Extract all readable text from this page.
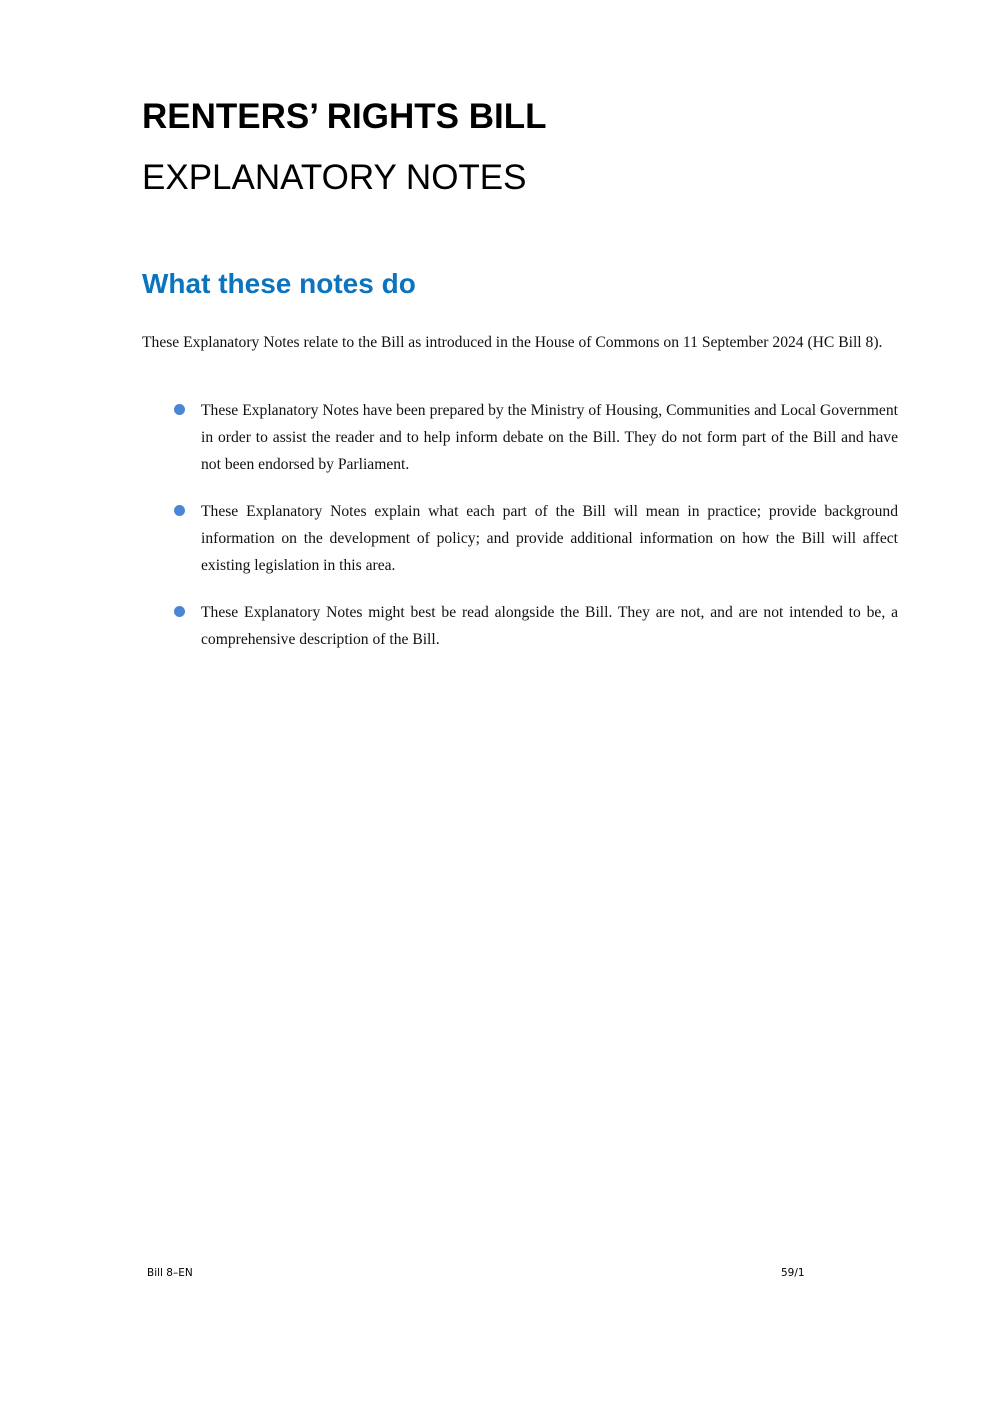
RENTERS’ RIGHTS BILL
EXPLANATORY NOTES
What these notes do

These Explanatory Notes relate to the Bill as introduced in the House of Commons on 11 September 2024 (HC Bill 8).

These Explanatory Notes have been prepared by the Ministry of Housing, Communities and Local Government in order to assist the reader and to help inform debate on the Bill. They do not form part of the Bill and have not been endorsed by Parliament.
These Explanatory Notes explain what each part of the Bill will mean in practice; provide background information on the development of policy; and provide additional information on how the Bill will affect existing legislation in this area.
These Explanatory Notes might best be read alongside the Bill. They are not, and are not intended to be, a comprehensive description of the Bill.
Bill 8–EN	59/1
